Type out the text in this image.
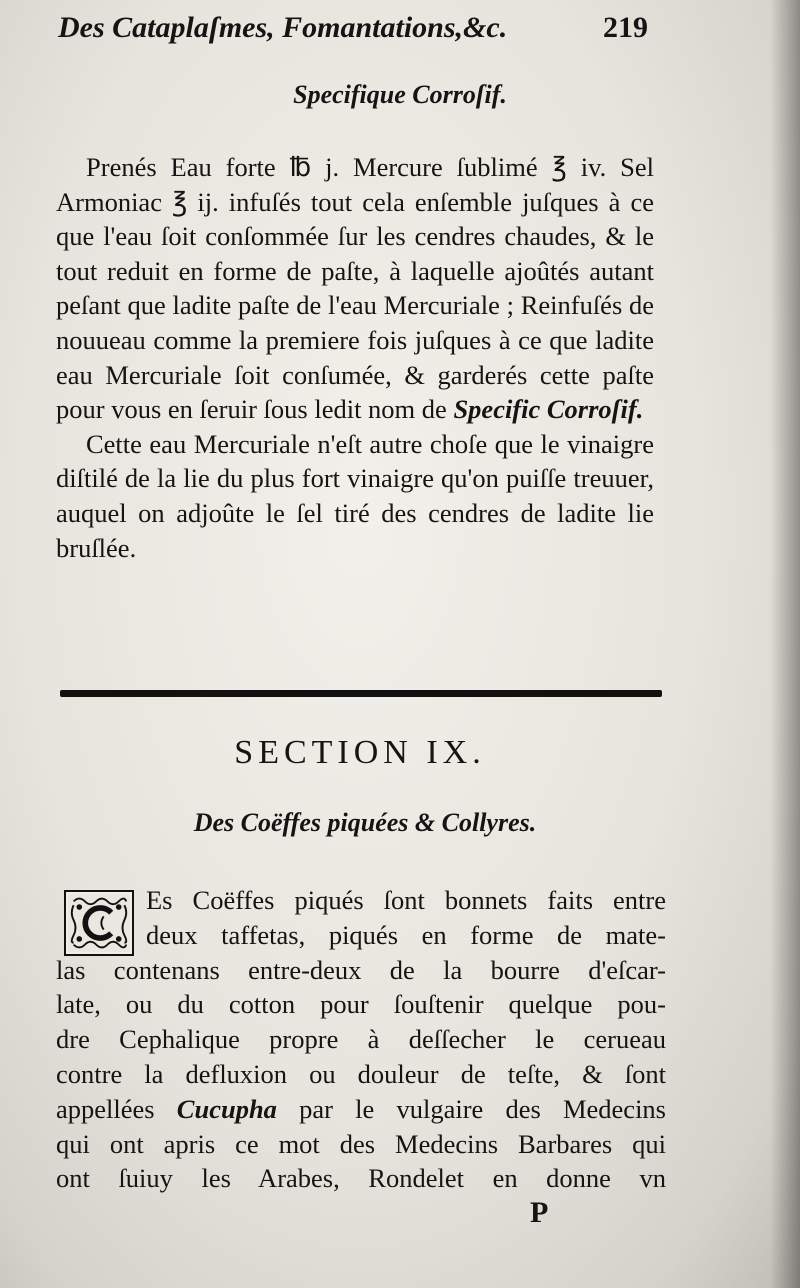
Des Cataplaſmes, Fomantations,&c.	219
Specifique Corroſif.

Prenés Eau forte ℔ j. Mercure ſublimé ℥ iv. Sel Armoniac ℥ ij. infuſés tout cela enſemble juſques à ce que l'eau ſoit conſommée ſur les cendres chaudes, & le tout reduit en forme de paſte, à laquelle ajoûtés autant peſant que ladite paſte de l'eau Mercuriale ; Reinfuſés de nouueau comme la premiere fois juſques à ce que ladite eau Mercuriale ſoit conſumée, & garderés cette paſte pour vous en ſeruir ſous ledit nom de Specific Corroſif.

Cette eau Mercuriale n'eſt autre choſe que le vinaigre diſtilé de la lie du plus fort vinaigre qu'on puiſſe treuuer, auquel on adjoûte le ſel tiré des cendres de ladite lie bruſlée.

SECTION IX.
Des Coëffes piquées & Collyres.
Es Coëffes piqués ſont bonnets faits entre
deux taffetas, piqués en forme de mate-
las contenans entre-deux de la bourre d'eſcar-
late, ou du cotton pour ſouſtenir quelque pou-
dre Cephalique propre à deſſecher le cerueau
contre la defluxion ou douleur de teſte, & ſont
appellées Cucupha par le vulgaire des Medecins
qui ont apris ce mot des Medecins Barbares qui
ont ſuiuy les Arabes, Rondelet en donne vn
P
